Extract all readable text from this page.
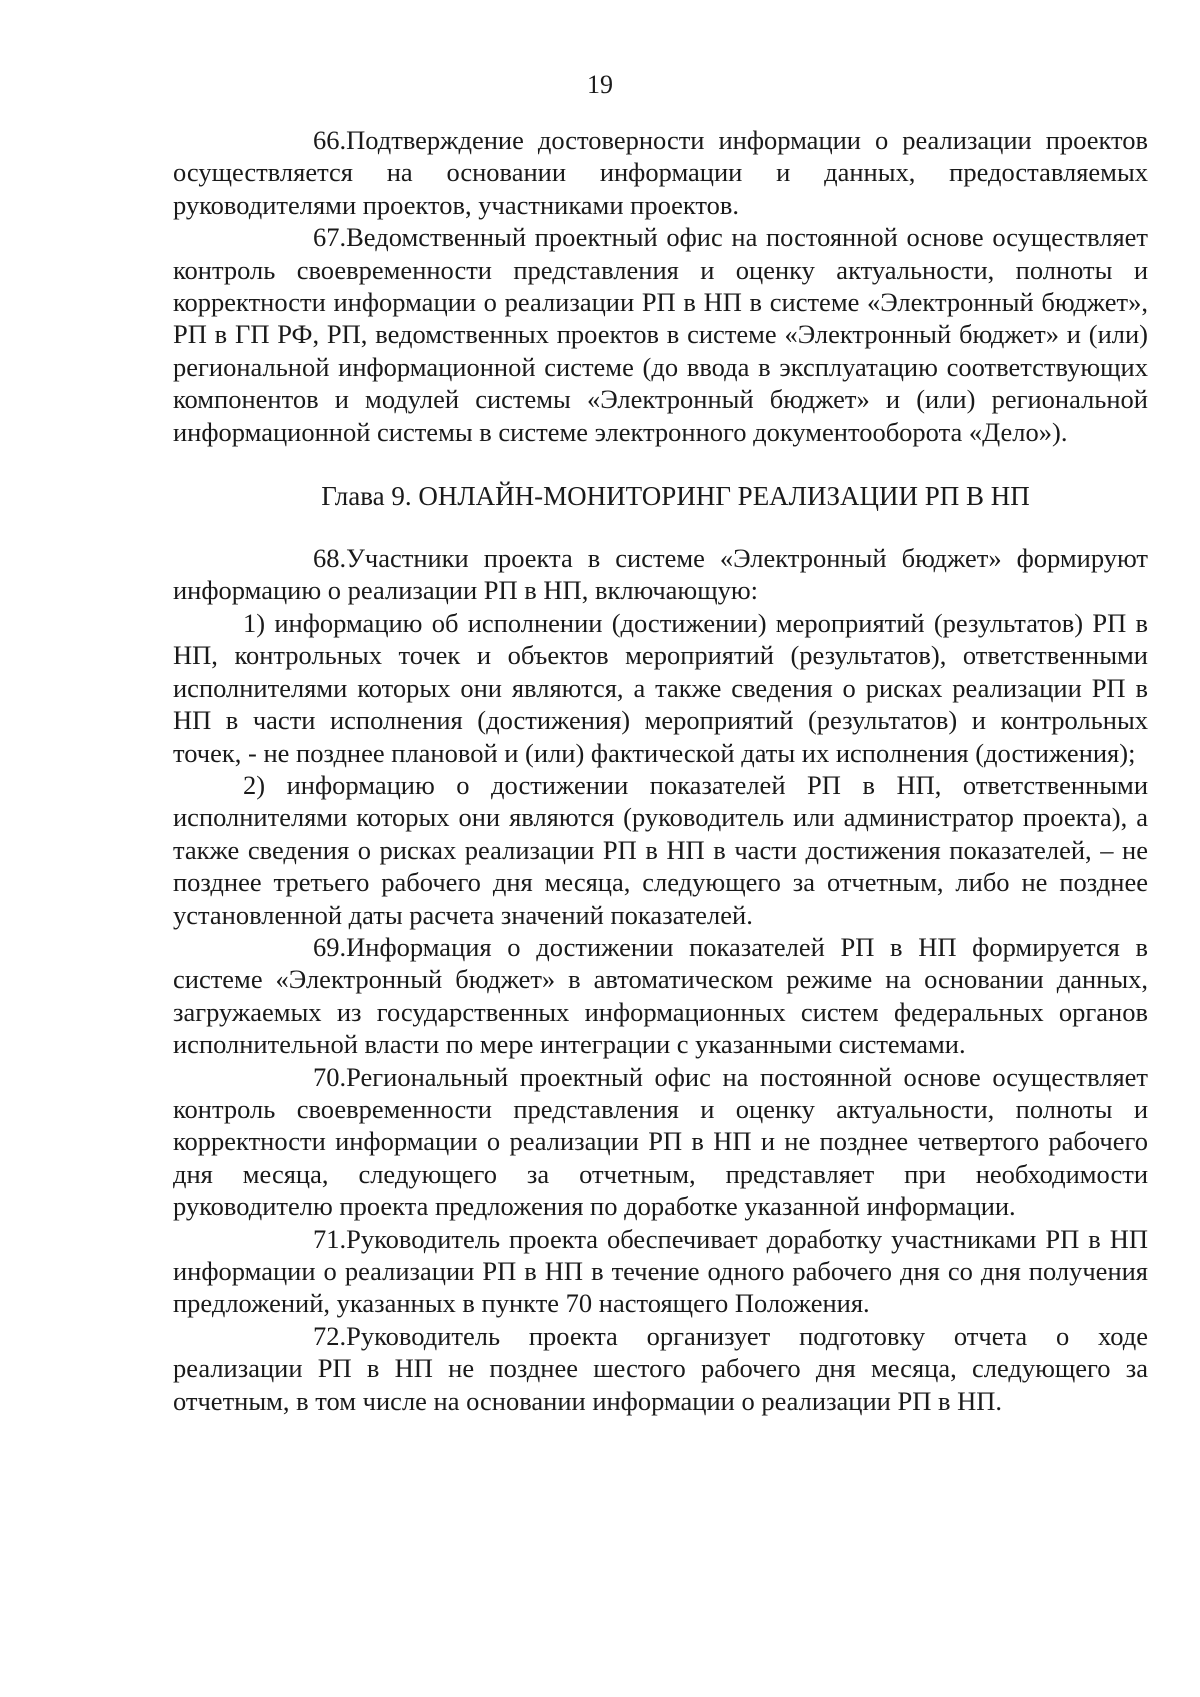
19

66.Подтверждение достоверности информации о реализации проектов осуществляется на основании информации и данных, предоставляемых руководителями проектов, участниками проектов.

67.Ведомственный проектный офис на постоянной основе осуществляет контроль своевременности представления и оценку актуальности, полноты и корректности информации о реализации РП в НП в системе «Электронный бюджет», РП в ГП РФ, РП, ведомственных проектов в системе «Электронный бюджет» и (или) региональной информационной системе (до ввода в эксплуатацию соответствующих компонентов и модулей системы «Электронный бюджет» и (или) региональной информационной системы в системе электронного документооборота «Дело»).

Глава 9. ОНЛАЙН-МОНИТОРИНГ РЕАЛИЗАЦИИ РП В НП

68.Участники проекта в системе «Электронный бюджет» формируют информацию о реализации РП в НП, включающую:

1) информацию об исполнении (достижении) мероприятий (результатов) РП в НП, контрольных точек и объектов мероприятий (результатов), ответственными исполнителями которых они являются, а также сведения о рисках реализации РП в НП в части исполнения (достижения) мероприятий (результатов) и контрольных точек, - не позднее плановой и (или) фактической даты их исполнения (достижения);

2) информацию о достижении показателей РП в НП, ответственными исполнителями которых они являются (руководитель или администратор проекта), а также сведения о рисках реализации РП в НП в части достижения показателей, – не позднее третьего рабочего дня месяца, следующего за отчетным, либо не позднее установленной даты расчета значений показателей.

69.Информация о достижении показателей РП в НП формируется в системе «Электронный бюджет» в автоматическом режиме на основании данных, загружаемых из государственных информационных систем федеральных органов исполнительной власти по мере интеграции с указанными системами.

70.Региональный проектный офис на постоянной основе осуществляет контроль своевременности представления и оценку актуальности, полноты и корректности информации о реализации РП в НП и не позднее четвертого рабочего дня месяца, следующего за отчетным, представляет при необходимости руководителю проекта предложения по доработке указанной информации.

71.Руководитель проекта обеспечивает доработку участниками РП в НП информации о реализации РП в НП в течение одного рабочего дня со дня получения предложений, указанных в пункте 70 настоящего Положения.

72.Руководитель проекта организует подготовку отчета о ходе реализации РП в НП не позднее шестого рабочего дня месяца, следующего за отчетным, в том числе на основании информации о реализации РП в НП.
